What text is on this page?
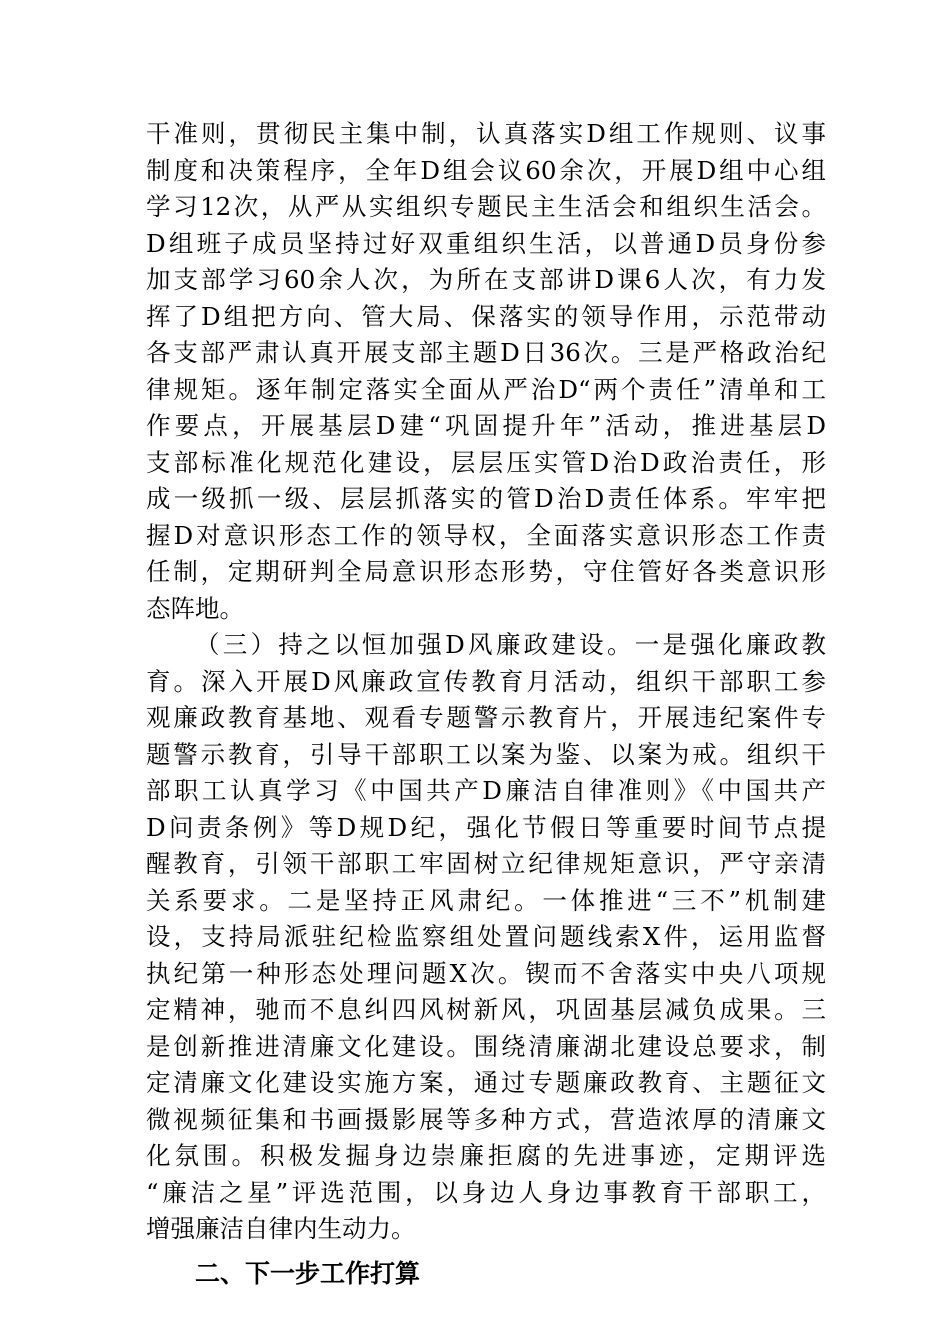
干准则，贯彻民主集中制，认真落实D组工作规则、议事
制度和决策程序，全年D组会议60余次，开展D组中心组
学习12次，从严从实组织专题民主生活会和组织生活会。
D组班子成员坚持过好双重组织生活，以普通D员身份参
加支部学习60余人次，为所在支部讲D课6人次，有力发
挥了D组把方向、管大局、保落实的领导作用，示范带动
各支部严肃认真开展支部主题D日36次。三是严格政治纪
律规矩。逐年制定落实全面从严治D“两个责任”清单和工
作要点，开展基层D建“巩固提升年”活动，推进基层D
支部标准化规范化建设，层层压实管D治D政治责任，形
成一级抓一级、层层抓落实的管D治D责任体系。牢牢把
握D对意识形态工作的领导权，全面落实意识形态工作责
任制，定期研判全局意识形态形势，守住管好各类意识形
态阵地。
（三）持之以恒加强D风廉政建设。一是强化廉政教
育。深入开展D风廉政宣传教育月活动，组织干部职工参
观廉政教育基地、观看专题警示教育片，开展违纪案件专
题警示教育，引导干部职工以案为鉴、以案为戒。组织干
部职工认真学习《中国共产D廉洁自律准则》《中国共产
D问责条例》等D规D纪，强化节假日等重要时间节点提
醒教育，引领干部职工牢固树立纪律规矩意识，严守亲清
关系要求。二是坚持正风肃纪。一体推进“三不”机制建
设，支持局派驻纪检监察组处置问题线索X件，运用监督
执纪第一种形态处理问题X次。锲而不舍落实中央八项规
定精神，驰而不息纠四风树新风，巩固基层减负成果。三
是创新推进清廉文化建设。围绕清廉湖北建设总要求，制
定清廉文化建设实施方案，通过专题廉政教育、主题征文
微视频征集和书画摄影展等多种方式，营造浓厚的清廉文
化氛围。积极发掘身边崇廉拒腐的先进事迹，定期评选
“廉洁之星”评选范围，以身边人身边事教育干部职工，
增强廉洁自律内生动力。
二、下一步工作打算
